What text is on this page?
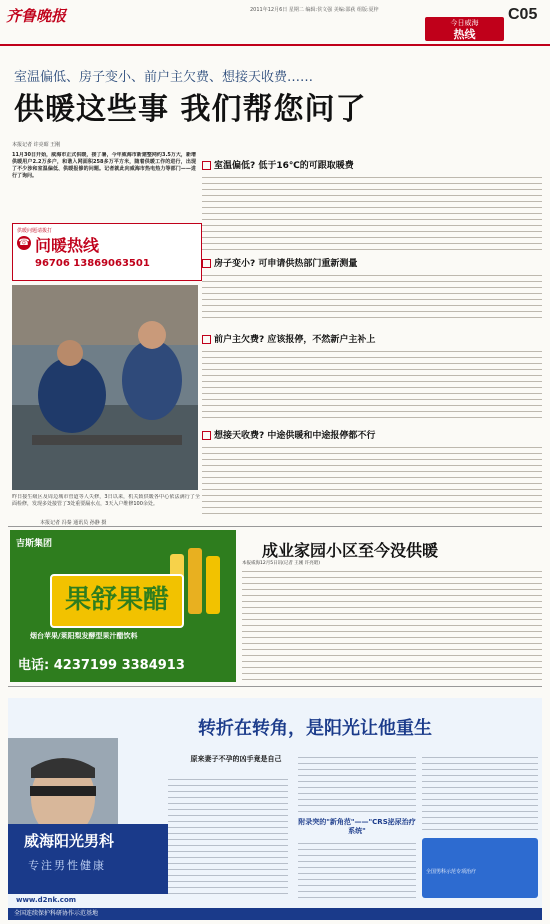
齐鲁晚报	2011年12月6日 星期二 编辑:侯文强 美编:邵荻 组版:夏梓
今日威海
热线
C05
室温偏低、房子变小、前户主欠费、想接天收费……
供暖这些事 我们帮您问了
本报记者 许亮昭 王刚
11月30日开始，威海市正式供暖，接了暑，今年威海市新建整网约3.5万大，新增供暖用户2.2万多户，和谐入网面积258多万平方米，随着供暖工作的进行，出现了不少涉和室温偏低、供暖报修的问题。记者就此向威海市热电热力等部门——进行了询问。
供暖问题请拨打
☎ 问暖热线
96706 13869063501
昨日接生级区及周边城市管道等人失修，3日以来，机关致供暖各中心依法满行了全面检修，发现多处接管了3处重要漏水点，3天入户维修100余处。
本报记者 冯秦 通讯员 孙静 摄
室温偏低? 低于16℃的可跟取暖费
房子变小? 可申请供热部门重新测量
前户主欠费? 应该报停，不然新户主补上
想接天收费? 中途供暖和中途报停都不行
吉斯集团
果舒果醋
烟台苹果/莱阳梨发酵型果汁醋饮料
电话: 4237199 3384913
成业家园小区至今没供暖
本报威海12月5日讯(记者 王刚 许亮昭)
转折在转角，是阳光让他重生
威海阳光男科
专注男性健康
原来妻子不孕的凶手竟是自己
附录突的"新角范"——"CRS泌尿治疗系统"
全国男科示范专项治疗
www.d2nk.com
全国连续保护科研协作示范基地
